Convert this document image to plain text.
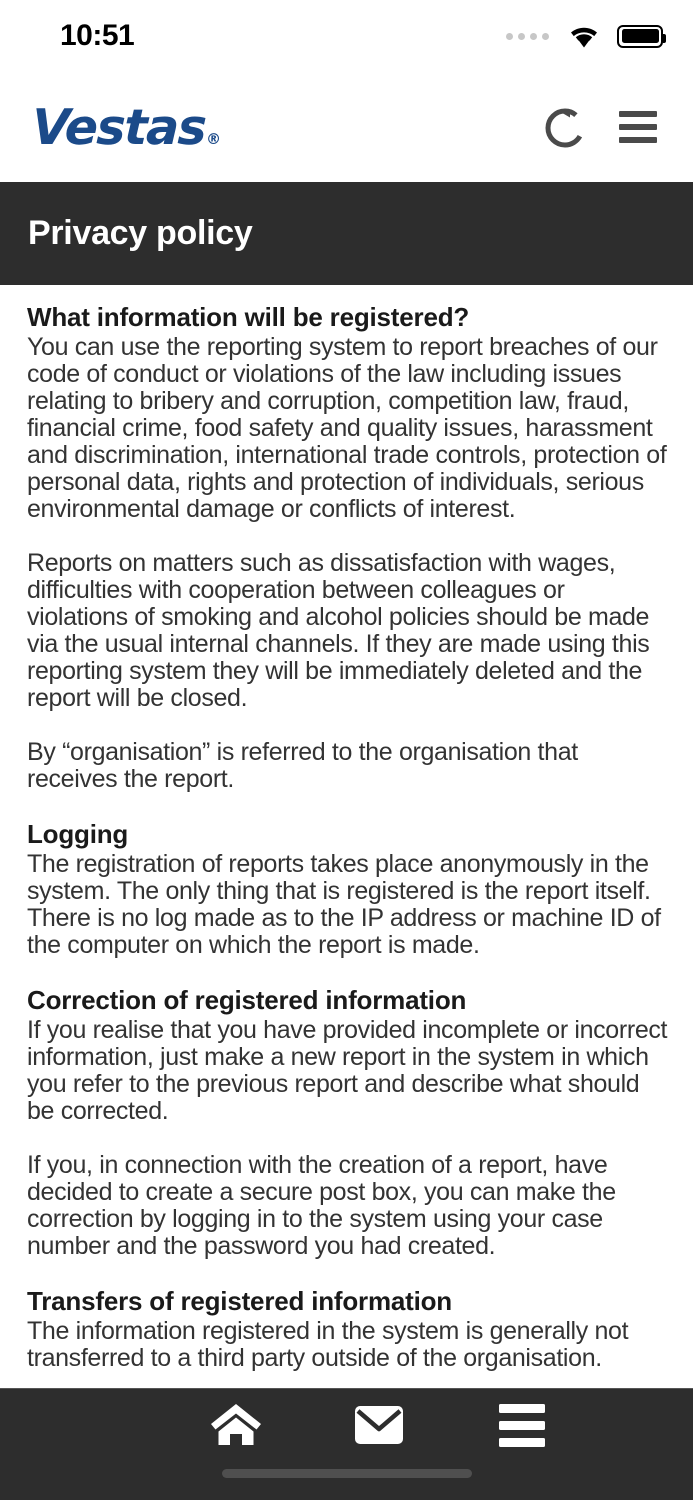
10:51
Vestas®
Privacy policy
What information will be registered?

You can use the reporting system to report breaches of our code of conduct or violations of the law including issues relating to bribery and corruption, competition law, fraud, financial crime, food safety and quality issues, harassment and discrimination, international trade controls, protection of personal data, rights and protection of individuals, serious environmental damage or conflicts of interest.

Reports on matters such as dissatisfaction with wages, difficulties with cooperation between colleagues or violations of smoking and alcohol policies should be made via the usual internal channels. If they are made using this reporting system they will be immediately deleted and the report will be closed.

By “organisation” is referred to the organisation that receives the report.

Logging

The registration of reports takes place anonymously in the system. The only thing that is registered is the report itself. There is no log made as to the IP address or machine ID of the computer on which the report is made.

Correction of registered information

If you realise that you have provided incomplete or incorrect information, just make a new report in the system in which you refer to the previous report and describe what should be corrected.

If you, in connection with the creation of a report, have decided to create a secure post box, you can make the correction by logging in to the system using your case number and the password you had created.

Transfers of registered information

The information registered in the system is generally not transferred to a third party outside of the organisation.
